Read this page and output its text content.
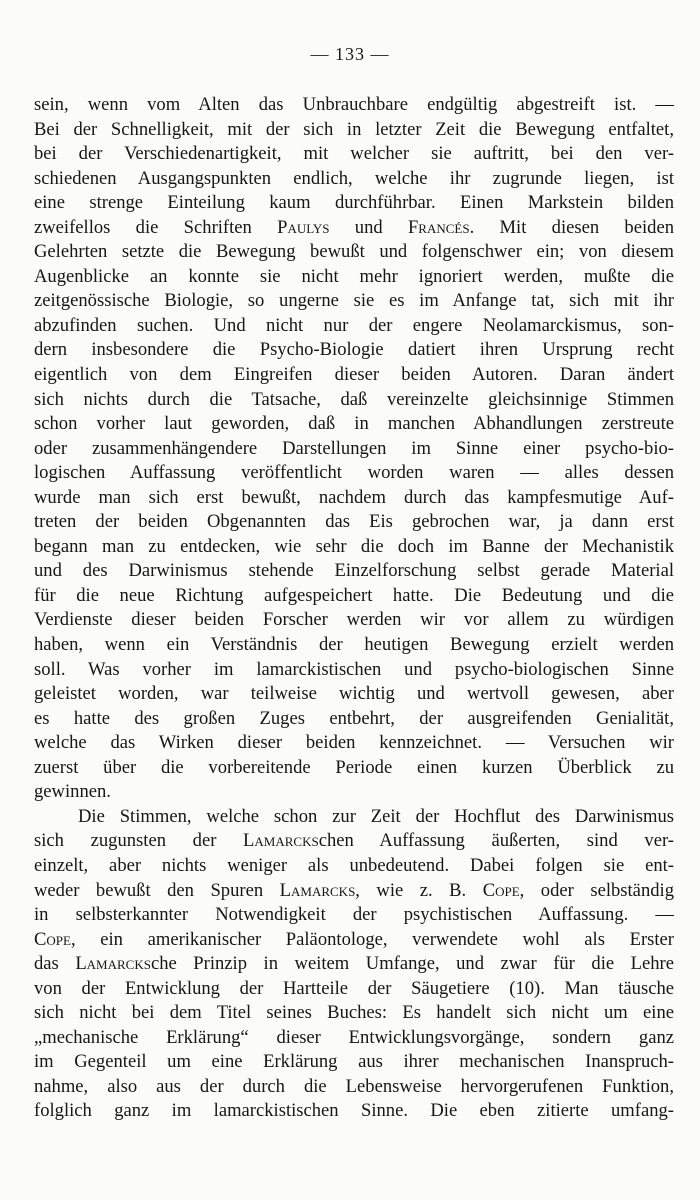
— 133 —
sein, wenn vom Alten das Unbrauchbare endgültig abgestreift ist. —
Bei der Schnelligkeit, mit der sich in letzter Zeit die Bewegung entfaltet,
bei der Verschiedenartigkeit, mit welcher sie auftritt, bei den ver-
schiedenen Ausgangspunkten endlich, welche ihr zugrunde liegen, ist
eine strenge Einteilung kaum durchführbar. Einen Markstein bilden
zweifellos die Schriften Paulys und Francés. Mit diesen beiden
Gelehrten setzte die Bewegung bewußt und folgenschwer ein; von diesem
Augenblicke an konnte sie nicht mehr ignoriert werden, mußte die
zeitgenössische Biologie, so ungerne sie es im Anfange tat, sich mit ihr
abzufinden suchen. Und nicht nur der engere Neolamarckismus, son-
dern insbesondere die Psycho-Biologie datiert ihren Ursprung recht
eigentlich von dem Eingreifen dieser beiden Autoren. Daran ändert
sich nichts durch die Tatsache, daß vereinzelte gleichsinnige Stimmen
schon vorher laut geworden, daß in manchen Abhandlungen zerstreute
oder zusammenhängendere Darstellungen im Sinne einer psycho-bio-
logischen Auffassung veröffentlicht worden waren — alles dessen
wurde man sich erst bewußt, nachdem durch das kampfesmutige Auf-
treten der beiden Obgenannten das Eis gebrochen war, ja dann erst
begann man zu entdecken, wie sehr die doch im Banne der Mechanistik
und des Darwinismus stehende Einzelforschung selbst gerade Material
für die neue Richtung aufgespeichert hatte. Die Bedeutung und die
Verdienste dieser beiden Forscher werden wir vor allem zu würdigen
haben, wenn ein Verständnis der heutigen Bewegung erzielt werden
soll. Was vorher im lamarckistischen und psycho-biologischen Sinne
geleistet worden, war teilweise wichtig und wertvoll gewesen, aber
es hatte des großen Zuges entbehrt, der ausgreifenden Genialität,
welche das Wirken dieser beiden kennzeichnet. — Versuchen wir
zuerst über die vorbereitende Periode einen kurzen Überblick zu
gewinnen.
Die Stimmen, welche schon zur Zeit der Hochflut des Darwinismus
sich zugunsten der Lamarckschen Auffassung äußerten, sind ver-
einzelt, aber nichts weniger als unbedeutend. Dabei folgen sie ent-
weder bewußt den Spuren Lamarcks, wie z. B. Cope, oder selbständig
in selbsterkannter Notwendigkeit der psychistischen Auffassung. —
Cope, ein amerikanischer Paläontologe, verwendete wohl als Erster
das Lamarcksche Prinzip in weitem Umfange, und zwar für die Lehre
von der Entwicklung der Hartteile der Säugetiere (10). Man täusche
sich nicht bei dem Titel seines Buches: Es handelt sich nicht um eine
„mechanische Erklärung“ dieser Entwicklungsvorgänge, sondern ganz
im Gegenteil um eine Erklärung aus ihrer mechanischen Inanspruch-
nahme, also aus der durch die Lebensweise hervorgerufenen Funktion,
folglich ganz im lamarckistischen Sinne. Die eben zitierte umfang-
